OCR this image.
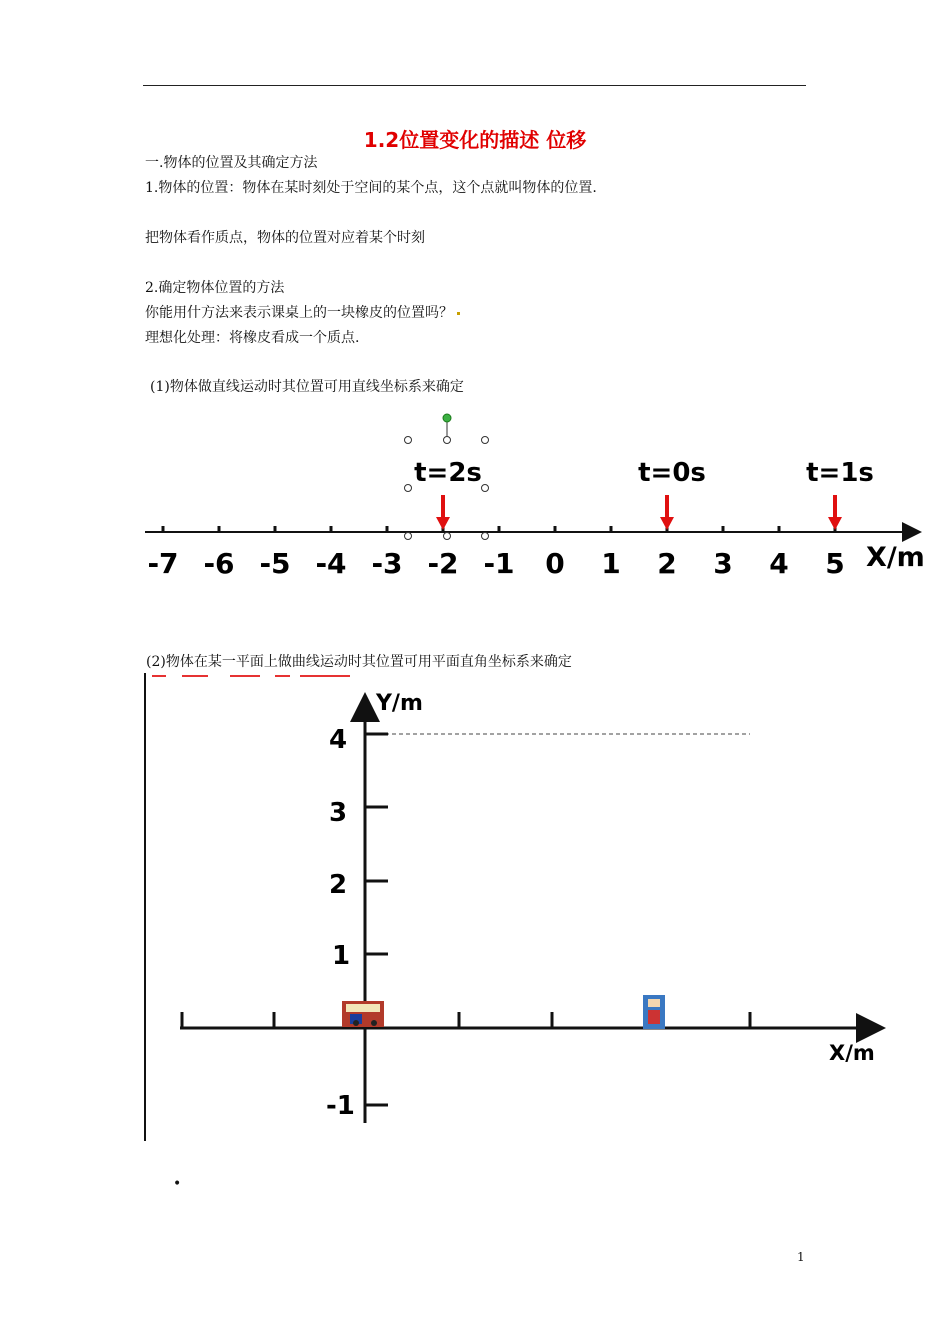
1.2位置变化的描述 位移
一.物体的位置及其确定方法
1.物体的位置：物体在某时刻处于空间的某个点，这个点就叫物体的位置.
把物体看作质点，物体的位置对应着某个时刻
2.确定物体位置的方法
你能用什方法来表示课桌上的一块橡皮的位置吗？
理想化处理：将橡皮看成一个质点.
(1)物体做直线运动时其位置可用直线坐标系来确定
-7 -6 -5 -4 -3 -2 -1 0 1 2 3 4 5 X/m
t=2s	t=0s	t=1s
(2)物体在某一平面上做曲线运动时其位置可用平面直角坐标系来确定
Y/m
X/m
4
3
2
1
-1
•
1
